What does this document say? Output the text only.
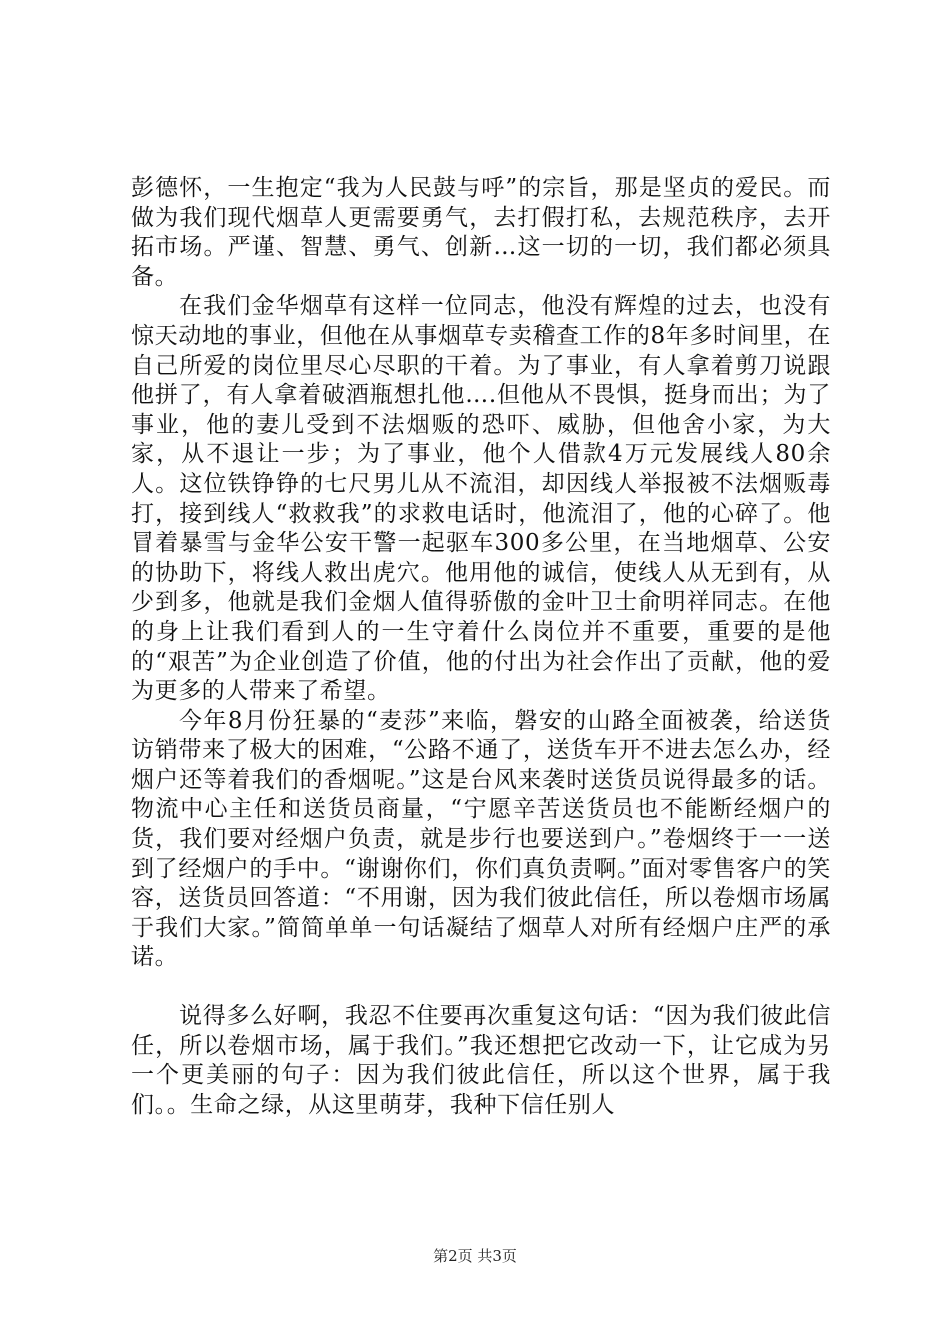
彭德怀，一生抱定“我为人民鼓与呼”的宗旨，那是坚贞的爱民。而做为我们现代烟草人更需要勇气，去打假打私，去规范秩序，去开拓市场。严谨、智慧、勇气、创新…这一切的一切，我们都必须具备。

在我们金华烟草有这样一位同志，他没有辉煌的过去，也没有惊天动地的事业，但他在从事烟草专卖稽查工作的8年多时间里，在自己所爱的岗位里尽心尽职的干着。为了事业，有人拿着剪刀说跟他拼了，有人拿着破酒瓶想扎他….但他从不畏惧，挺身而出；为了事业，他的妻儿受到不法烟贩的恐吓、威胁，但他舍小家，为大家，从不退让一步；为了事业，他个人借款4万元发展线人80余人。这位铁铮铮的七尺男儿从不流泪，却因线人举报被不法烟贩毒打，接到线人“救救我”的求救电话时，他流泪了，他的心碎了。他冒着暴雪与金华公安干警一起驱车300多公里，在当地烟草、公安的协助下，将线人救出虎穴。他用他的诚信，使线人从无到有，从少到多，他就是我们金烟人值得骄傲的金叶卫士俞明祥同志。在他的身上让我们看到人的一生守着什么岗位并不重要，重要的是他的“艰苦”为企业创造了价值，他的付出为社会作出了贡献，他的爱为更多的人带来了希望。

今年8月份狂暴的“麦莎”来临，磐安的山路全面被袭，给送货访销带来了极大的困难，“公路不通了，送货车开不进去怎么办，经烟户还等着我们的香烟呢。”这是台风来袭时送货员说得最多的话。物流中心主任和送货员商量，“宁愿辛苦送货员也不能断经烟户的货，我们要对经烟户负责，就是步行也要送到户。”卷烟终于一一送到了经烟户的手中。“谢谢你们，你们真负责啊。”面对零售客户的笑容，送货员回答道：“不用谢，因为我们彼此信任，所以卷烟市场属于我们大家。”简简单单一句话凝结了烟草人对所有经烟户庄严的承诺。

说得多么好啊，我忍不住要再次重复这句话：“因为我们彼此信任，所以卷烟市场，属于我们。”我还想把它改动一下，让它成为另一个更美丽的句子：因为我们彼此信任，所以这个世界，属于我们。。生命之绿，从这里萌芽，我种下信任别人

第2页 共3页
